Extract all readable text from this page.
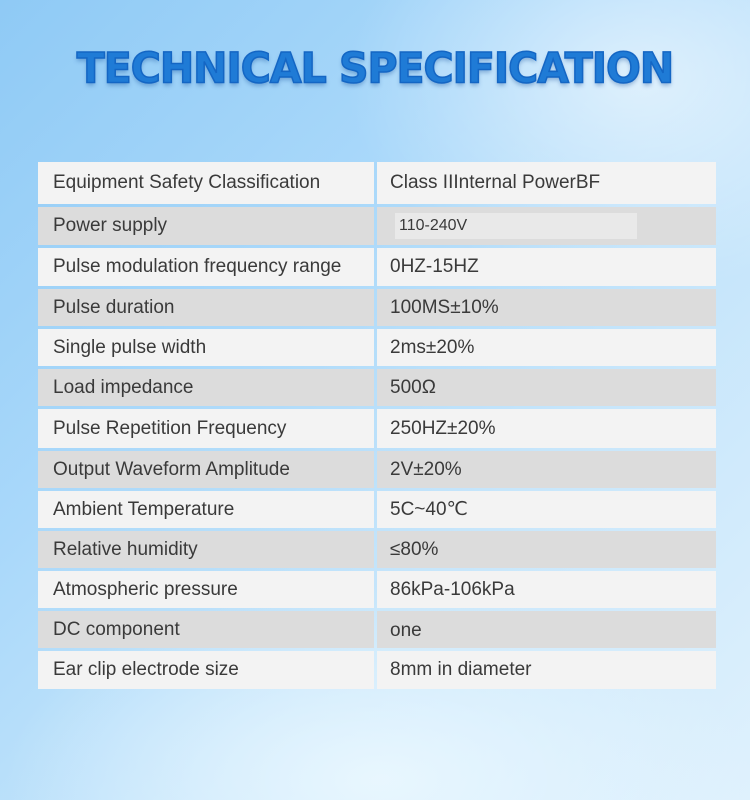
TECHNICAL SPECIFICATION
Equipment Safety Classification	Class IIInternal PowerBF
Power supply	110-240V
Pulse modulation frequency range	0HZ-15HZ
Pulse duration	100MS±10%
Single pulse width	2ms±20%
Load impedance	500Ω
Pulse Repetition Frequency	250HZ±20%
Output Waveform Amplitude	2V±20%
Ambient Temperature	5C~40℃
Relative humidity	≤80%
Atmospheric pressure	86kPa-106kPa
DC component	one
Ear clip electrode size	8mm in diameter
